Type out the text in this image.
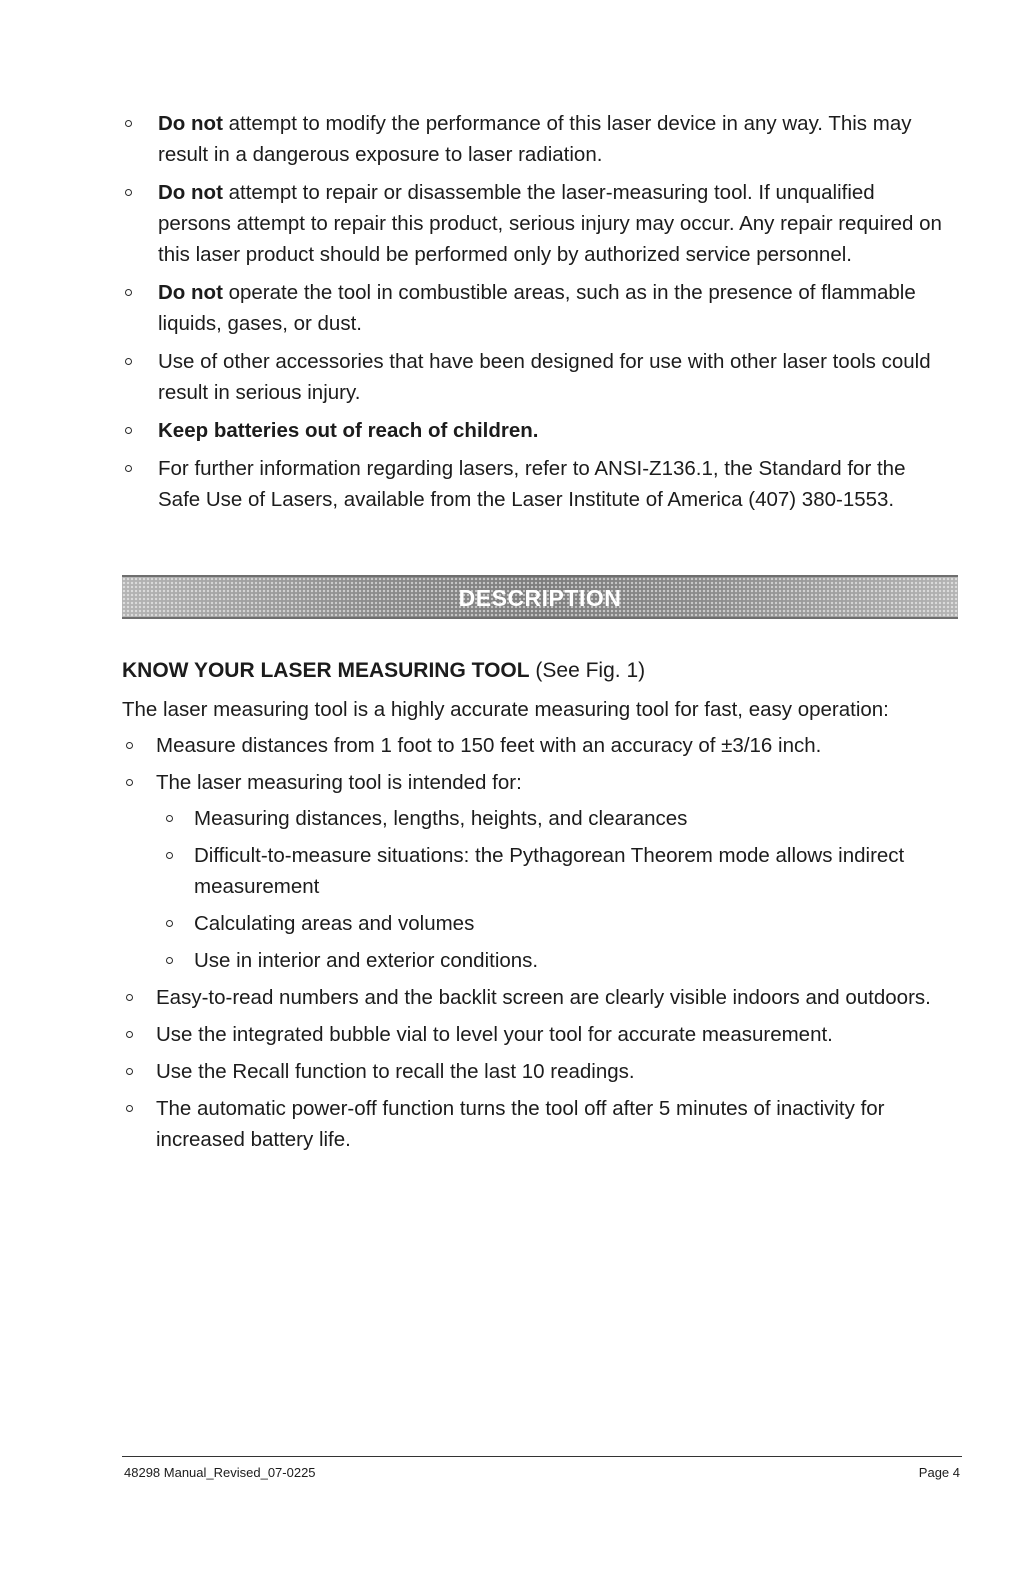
Do not attempt to modify the performance of this laser device in any way. This may result in a dangerous exposure to laser radiation.
Do not attempt to repair or disassemble the laser-measuring tool. If unqualified persons attempt to repair this product, serious injury may occur. Any repair required on this laser product should be performed only by authorized service personnel.
Do not operate the tool in combustible areas, such as in the presence of flammable liquids, gases, or dust.
Use of other accessories that have been designed for use with other laser tools could result in serious injury.
Keep batteries out of reach of children.
For further information regarding lasers, refer to ANSI-Z136.1, the Standard for the Safe Use of Lasers, available from the Laser Institute of America (407) 380-1553.
DESCRIPTION
KNOW YOUR LASER MEASURING TOOL (See Fig. 1)
The laser measuring tool is a highly accurate measuring tool for fast, easy operation:
Measure distances from 1 foot to 150 feet with an accuracy of ±3/16 inch.
The laser measuring tool is intended for:
Measuring distances, lengths, heights, and clearances
Difficult-to-measure situations: the Pythagorean Theorem mode allows indirect measurement
Calculating areas and volumes
Use in interior and exterior conditions.
Easy-to-read numbers and the backlit screen are clearly visible indoors and outdoors.
Use the integrated bubble vial to level your tool for accurate measurement.
Use the Recall function to recall the last 10 readings.
The automatic power-off function turns the tool off after 5 minutes of inactivity for increased battery life.
48298 Manual_Revised_07-0225	Page 4
